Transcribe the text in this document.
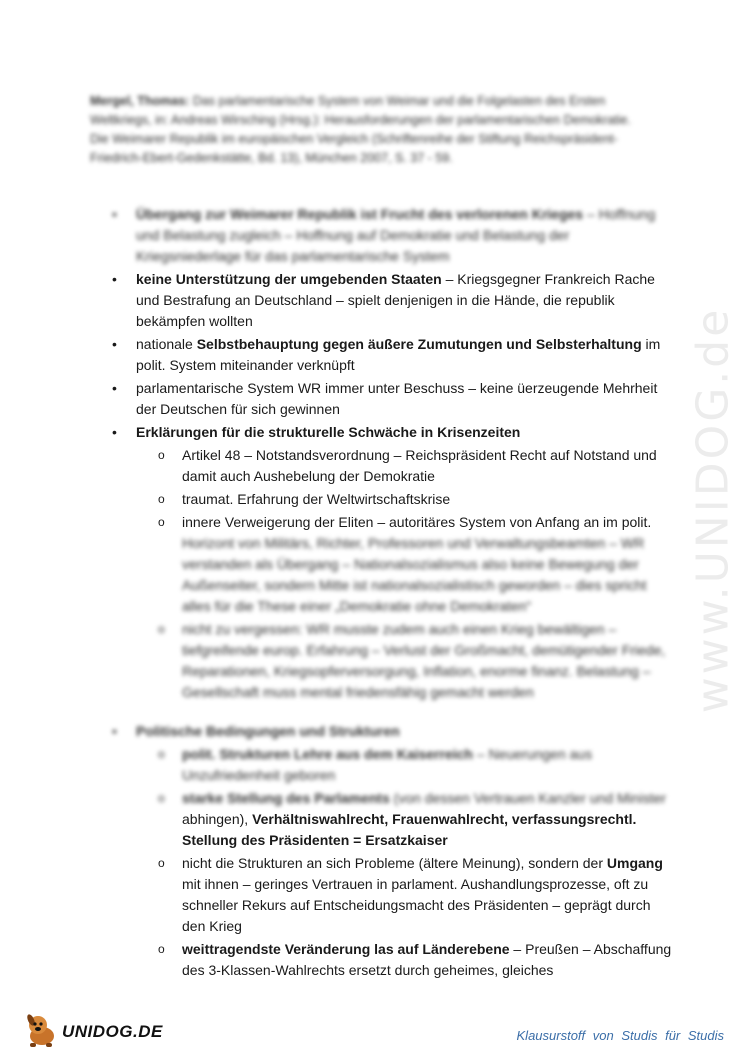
Mergel, Thomas: Das parlamentarische System von Weimar und die Folgelasten des Ersten Weltkriegs, in: Andreas Wirsching (Hrsg.): Herausforderungen der parlamentarischen Demokratie. Die Weimarer Republik im europäischen Vergleich (Schriftenreihe der Stiftung Reichspräsident-Friedrich-Ebert-Gedenkstätte, Bd. 13), München 2007, S. 37 - 59.
•	Übergang zur Weimarer Republik ist Frucht des verlorenen Krieges – Hoffnung und Belastung zugleich – Hoffnung auf Demokratie und Belastung der Kriegsniederlage für das parlamentarische System
•	keine Unterstützung der umgebenden Staaten – Kriegsgegner Frankreich Rache und Bestrafung an Deutschland – spielt denjenigen in die Hände, die republik bekämpfen wollten
•	nationale Selbstbehauptung gegen äußere Zumutungen und Selbsterhaltung im polit. System miteinander verknüpft
•	parlamentarische System WR immer unter Beschuss – keine üerzeugende Mehrheit der Deutschen für sich gewinnen
•	Erklärungen für die strukturelle Schwäche in Krisenzeiten
o Artikel 48 – Notstandsverordnung – Reichspräsident Recht auf Notstand und damit auch Aushebelung der Demokratie
o traumat. Erfahrung der Weltwirtschaftskrise
o innere Verweigerung der Eliten – autoritäres System von Anfang an im polit.
Horizont von Militärs, Richter, Professoren und Verwaltungsbeamten – WR verstanden als Übergang – Nationalsozialismus also keine Bewegung der Außenseiter, sondern Mitte ist nationalsozialistisch geworden – dies spricht alles für die These einer „Demokratie ohne Demokraten“
o nicht zu vergessen: WR musste zudem auch einen Krieg bewältigen – tiefgreifende europ. Erfahrung – Verlust der Großmacht, demütigender Friede, Reparationen, Kriegsopferversorgung, Inflation, enorme finanz. Belastung – Gesellschaft muss mental friedensfähig gemacht werden
•	Politische Bedingungen und Strukturen
o polit. Strukturen Lehre aus dem Kaiserreich – Neuerungen aus Unzufriedenheit geboren
o starke Stellung des Parlaments (von dessen Vertrauen Kanzler und Minister
abhingen), Verhältniswahlrecht, Frauenwahlrecht, verfassungsrechtl. Stellung des Präsidenten = Ersatzkaiser
o nicht die Strukturen an sich Probleme (ältere Meinung), sondern der Umgang mit ihnen – geringes Vertrauen in parlament. Aushandlungsprozesse, oft zu schneller Rekurs auf Entscheidungsmacht des Präsidenten – geprägt durch den Krieg
o weittragendste Veränderung las auf Länderebene – Preußen – Abschaffung des 3-Klassen-Wahlrechts ersetzt durch geheimes, gleiches
www.UNIDOG.de
UNIDOG.DE	Klausurstoff von Studis für Studis
